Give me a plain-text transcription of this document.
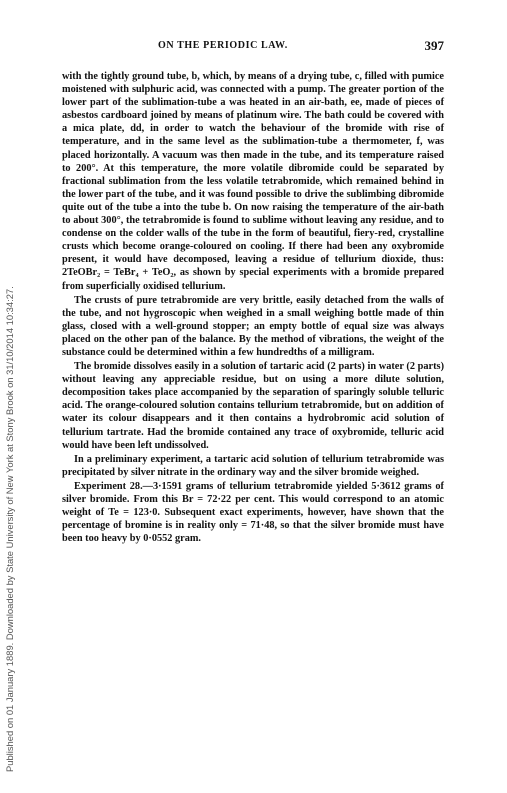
Published on 01 January 1889. Downloaded by State University of New York at Stony Brook on 31/10/2014 10:34:27.
ON THE PERIODIC LAW.	397

with the tightly ground tube, b, which, by means of a drying tube, c, filled with pumice moistened with sulphuric acid, was connected with a pump. The greater portion of the lower part of the sublimation-tube a was heated in an air-bath, ee, made of pieces of asbestos cardboard joined by means of platinum wire. The bath could be covered with a mica plate, dd, in order to watch the behaviour of the bromide with rise of temperature, and in the same level as the sublimation-tube a thermometer, f, was placed horizontally. A vacuum was then made in the tube, and its temperature raised to 200°. At this temperature, the more volatile dibromide could be separated by fractional sublimation from the less volatile tetrabromide, which remained behind in the lower part of the tube, and it was found possible to drive the sublimbing dibromide quite out of the tube a into the tube b. On now raising the temperature of the air-bath to about 300°, the tetrabromide is found to sublime without leaving any residue, and to condense on the colder walls of the tube in the form of beautiful, fiery-red, crystalline crusts which become orange-coloured on cooling. If there had been any oxybromide present, it would have decomposed, leaving a residue of tellurium dioxide, thus: 2TeOBr₂ = TeBr₄ + TeO₂, as shown by special experiments with a bromide prepared from superficially oxidised tellurium.

The crusts of pure tetrabromide are very brittle, easily detached from the walls of the tube, and not hygroscopic when weighed in a small weighing bottle made of thin glass, closed with a well-ground stopper; an empty bottle of equal size was always placed on the other pan of the balance. By the method of vibrations, the weight of the substance could be determined within a few hundredths of a milligram.

The bromide dissolves easily in a solution of tartaric acid (2 parts) in water (2 parts) without leaving any appreciable residue, but on using a more dilute solution, decomposition takes place accompanied by the separation of sparingly soluble telluric acid. The orange-coloured solution contains tellurium tetrabromide, but on addition of water its colour disappears and it then contains a hydrobromic acid solution of tellurium tartrate. Had the bromide contained any trace of oxybromide, telluric acid would have been left undissolved.

In a preliminary experiment, a tartaric acid solution of tellurium tetrabromide was precipitated by silver nitrate in the ordinary way and the silver bromide weighed.

Experiment 28.—3·1591 grams of tellurium tetrabromide yielded 5·3612 grams of silver bromide. From this Br = 72·22 per cent. This would correspond to an atomic weight of Te = 123·0. Subsequent exact experiments, however, have shown that the percentage of bromine is in reality only = 71·48, so that the silver bromide must have been too heavy by 0·0552 gram.
